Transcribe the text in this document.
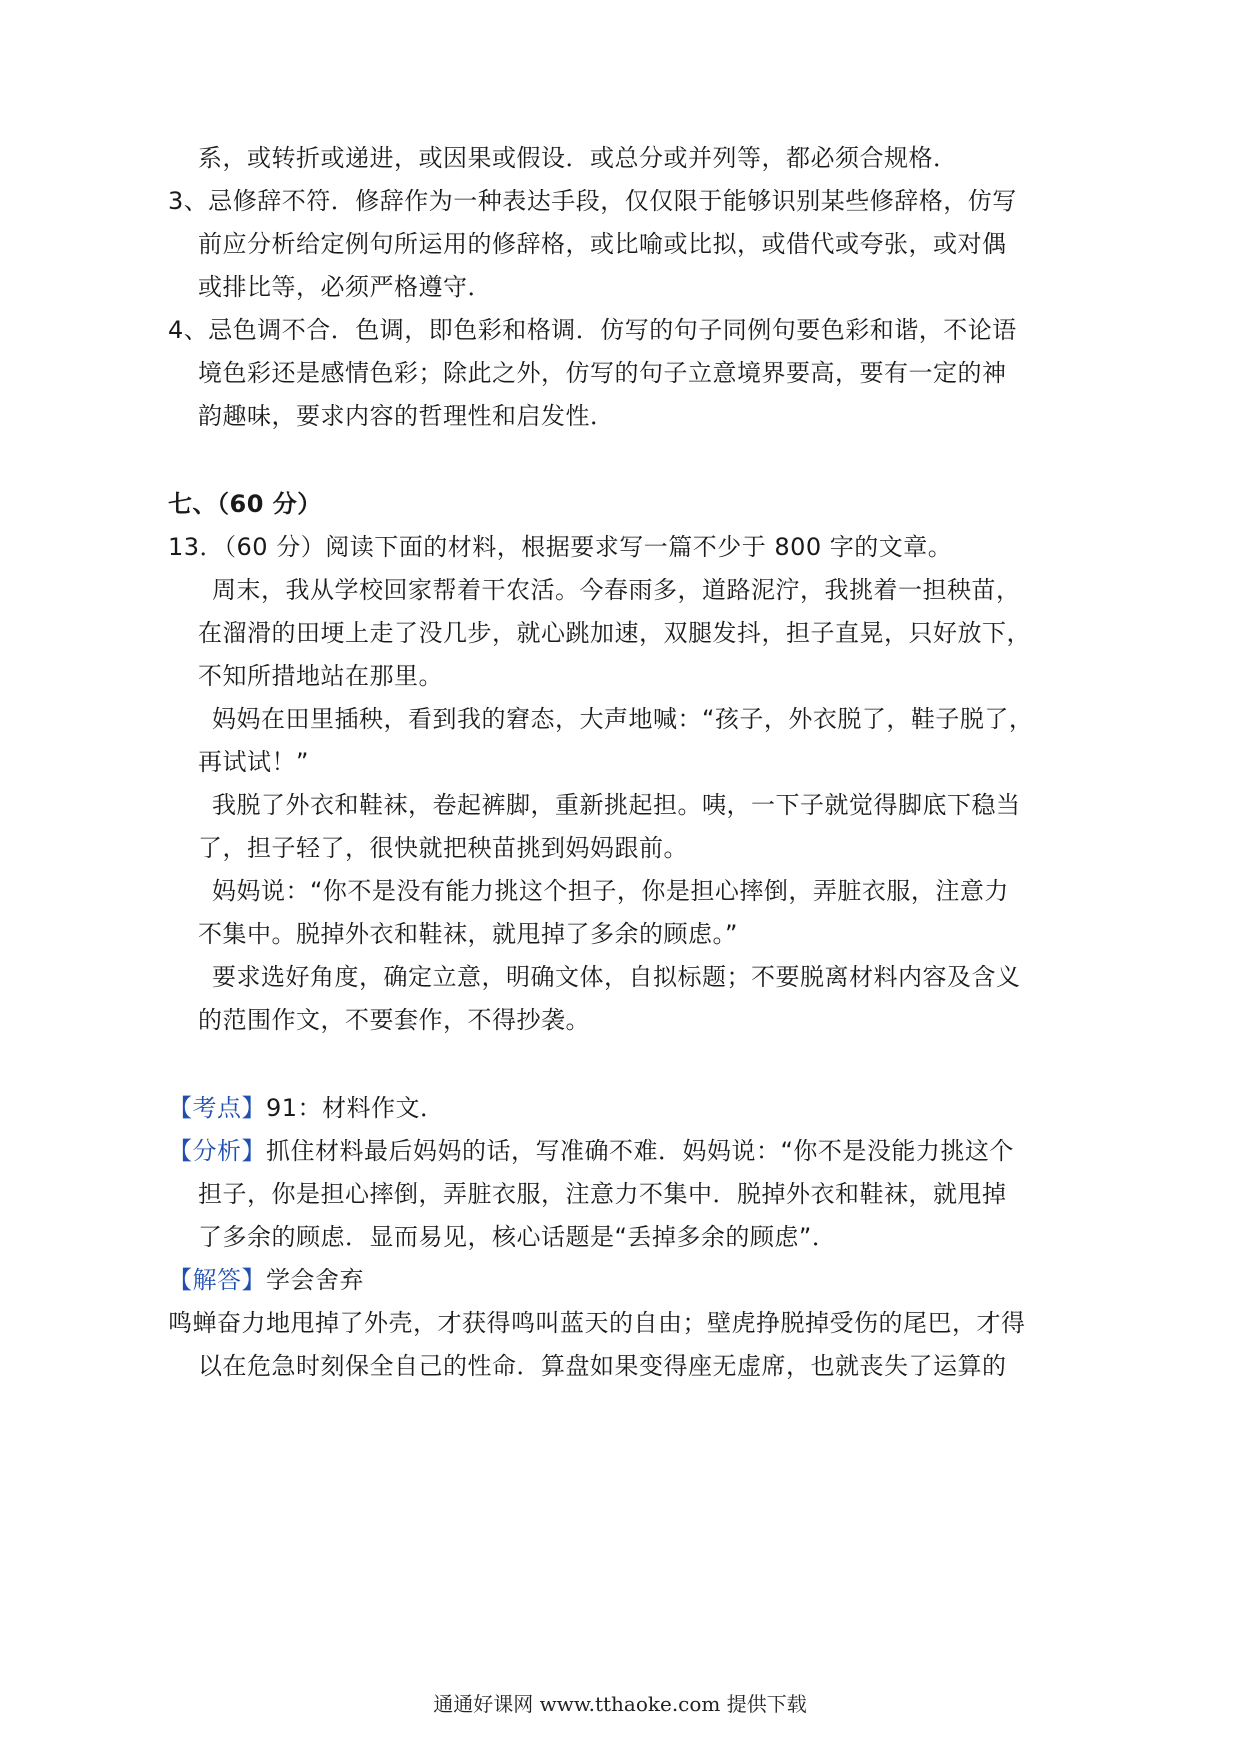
系，或转折或递进，或因果或假设．或总分或并列等，都必须合规格．
3、忌修辞不符．修辞作为一种表达手段，仅仅限于能够识别某些修辞格，仿写
前应分析给定例句所运用的修辞格，或比喻或比拟，或借代或夸张，或对偶
或排比等，必须严格遵守．
4、忌色调不合．色调，即色彩和格调．仿写的句子同例句要色彩和谐，不论语
境色彩还是感情色彩；除此之外，仿写的句子立意境界要高，要有一定的神
韵趣味，要求内容的哲理性和启发性．
七、（60 分）
13．（60 分）阅读下面的材料，根据要求写一篇不少于 800 字的文章。
周末，我从学校回家帮着干农活。今春雨多，道路泥泞，我挑着一担秧苗，
在溜滑的田埂上走了没几步，就心跳加速，双腿发抖，担子直晃，只好放下，
不知所措地站在那里。
妈妈在田里插秧，看到我的窘态，大声地喊：“孩子，外衣脱了，鞋子脱了，
再试试！”
我脱了外衣和鞋袜，卷起裤脚，重新挑起担。咦，一下子就觉得脚底下稳当
了，担子轻了，很快就把秧苗挑到妈妈跟前。
妈妈说：“你不是没有能力挑这个担子，你是担心摔倒，弄脏衣服，注意力
不集中。脱掉外衣和鞋袜，就甩掉了多余的顾虑。”
要求选好角度，确定立意，明确文体，自拟标题；不要脱离材料内容及含义
的范围作文，不要套作，不得抄袭。
【考点】91：材料作文．
【分析】抓住材料最后妈妈的话，写准确不难．妈妈说：“你不是没能力挑这个
担子，你是担心摔倒，弄脏衣服，注意力不集中．脱掉外衣和鞋袜，就甩掉
了多余的顾虑．显而易见，核心话题是“丢掉多余的顾虑”．
【解答】学会舍弃
鸣蝉奋力地甩掉了外壳，才获得鸣叫蓝天的自由；壁虎挣脱掉受伤的尾巴，才得
以在危急时刻保全自己的性命．算盘如果变得座无虚席，也就丧失了运算的
通通好课网 www.tthaoke.com 提供下载
